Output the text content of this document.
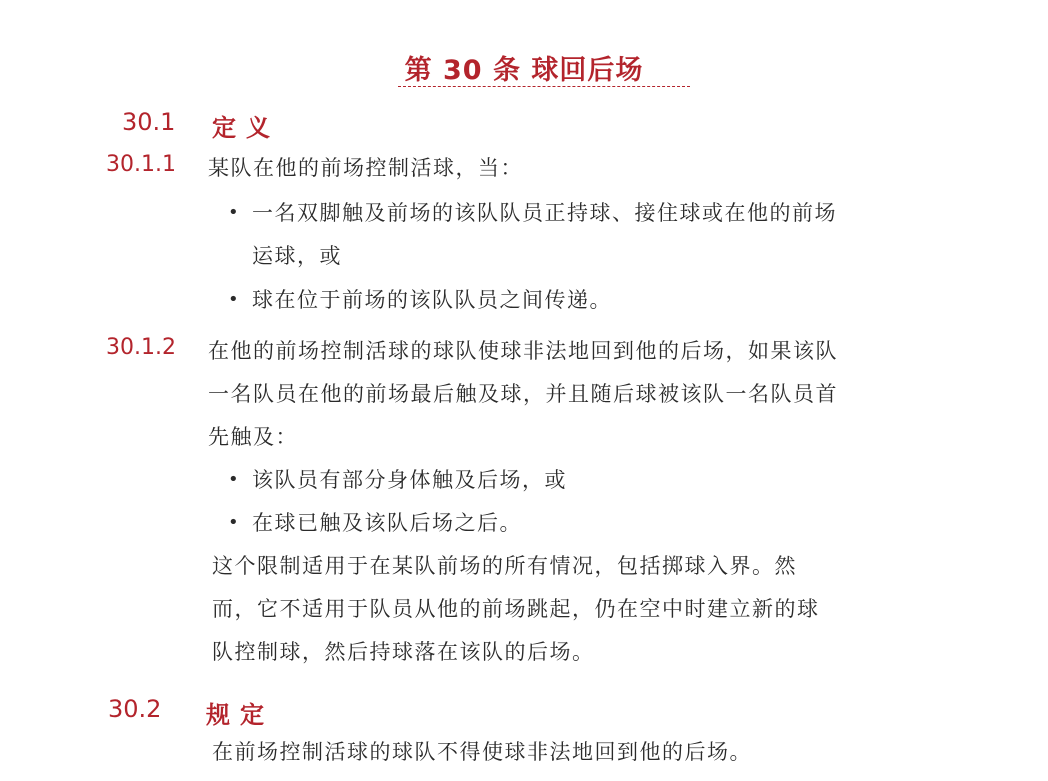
第 30 条 球回后场
30.1 定义
30.1.1 某队在他的前场控制活球，当：
• 一名双脚触及前场的该队队员正持球、接住球或在他的前场
运球，或
• 球在位于前场的该队队员之间传递。
30.1.2 在他的前场控制活球的球队使球非法地回到他的后场，如果该队
一名队员在他的前场最后触及球，并且随后球被该队一名队员首
先触及：
• 该队员有部分身体触及后场，或
• 在球已触及该队后场之后。
这个限制适用于在某队前场的所有情况，包括掷球入界。然
而，它不适用于队员从他的前场跳起，仍在空中时建立新的球
队控制球，然后持球落在该队的后场。
30.2 规定
在前场控制活球的球队不得使球非法地回到他的后场。
